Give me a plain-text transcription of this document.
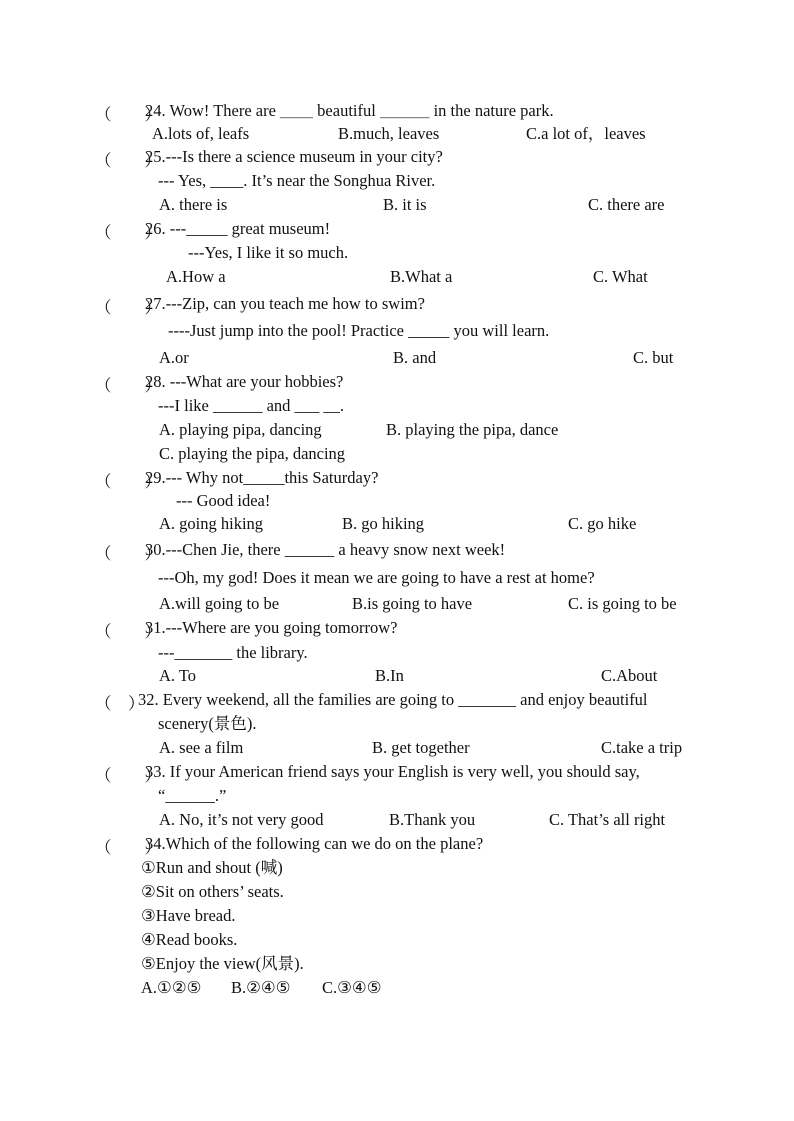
（　　）
24. Wow! There are ＿＿ beautiful ＿＿＿ in the nature park.
A.lots of, leafs	B.much, leaves	C.a lot of，leaves
（　　）
25.---Is there a science museum in your city?
--- Yes, ____. It’s near the Songhua River.
A. there is	B. it is	C. there are
（　　）
26. ---_____ great museum!
---Yes, I like it so much.
A.How a	B.What a	C. What
（　　）
27.---Zip, can you teach me how to swim?
----Just jump into the pool! Practice _____ you will learn.
A.or	B. and	C. but
（　　）
28. ---What are your hobbies?
---I like ______ and ___ __.
A. playing pipa, dancing	B. playing the pipa, dance
C. playing the pipa, dancing
（　　）
29.--- Why not_____this Saturday?
--- Good idea!
A. going hiking	B. go hiking	C. go hike
（　　）
30.---Chen Jie, there ______ a heavy snow next week!
---Oh, my god! Does it mean we are going to have a rest at home?
A.will going to be	B.is going to have	C. is going to be
（　　）
31.---Where are you going tomorrow?
---_______ the library.
A. To	B.In	C.About
（　）
32. Every weekend, all the families are going to _______ and enjoy beautiful
scenery(景色).
A. see a film	B. get together	C.take a trip
（　　）
33. If your American friend says your English is very well, you should say,
“______.”
A. No, it’s not very good	B.Thank you	C. That’s all right
（　　）
34.Which of the following can we do on the plane?
①Run and shout (喊)
②Sit on others’ seats.
③Have bread.
④Read books.
⑤Enjoy the view(风景).
A.①②⑤ B.②④⑤ C.③④⑤
